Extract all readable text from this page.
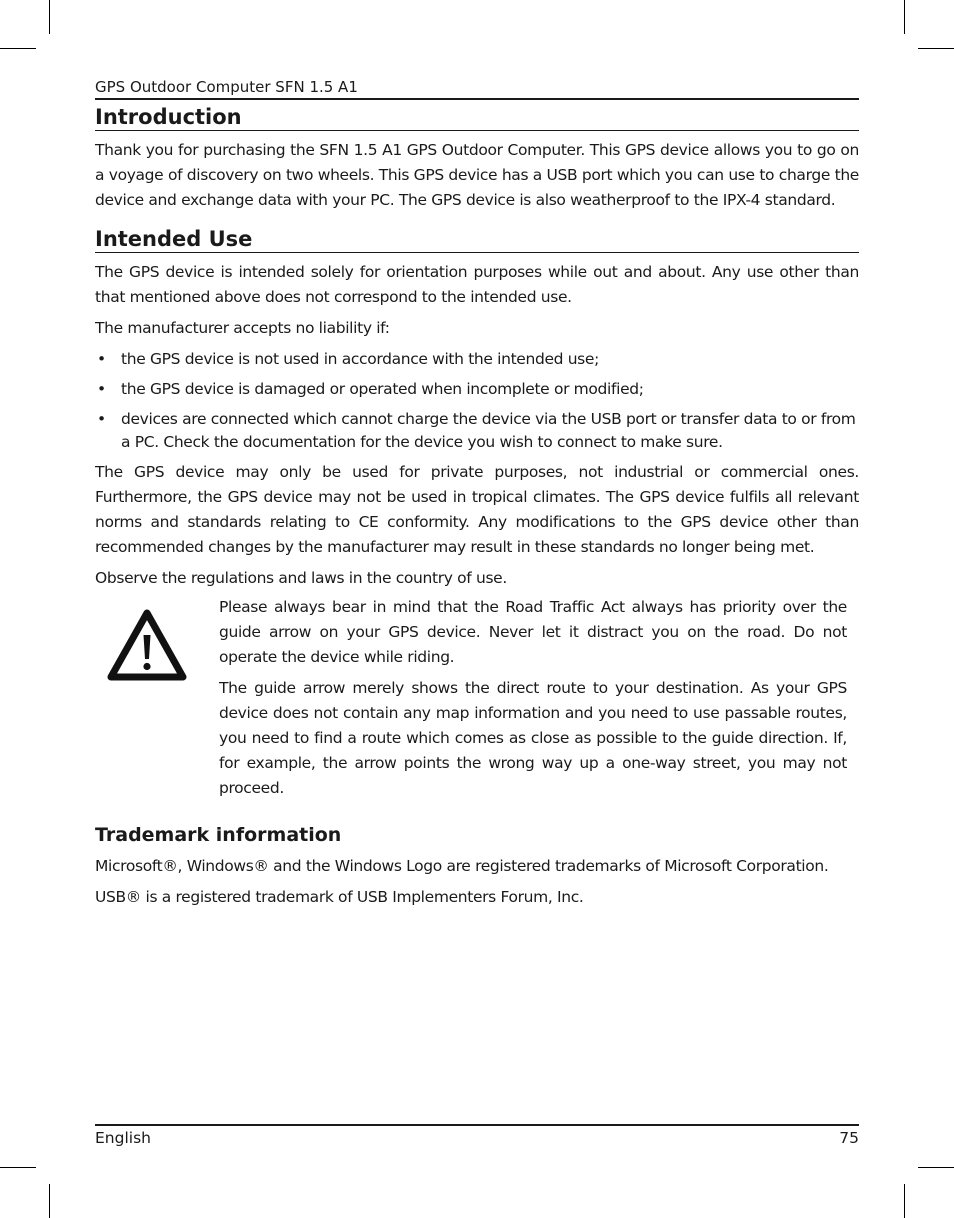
GPS Outdoor Computer SFN 1.5 A1
Introduction

Thank you for purchasing the SFN 1.5 A1 GPS Outdoor Computer. This GPS device allows you to go on a voyage of discovery on two wheels. This GPS device has a USB port which you can use to charge the device and exchange data with your PC. The GPS device is also weatherproof to the IPX-4 standard.

Intended Use

The GPS device is intended solely for orientation purposes while out and about. Any use other than that mentioned above does not correspond to the intended use.

The manufacturer accepts no liability if:

• the GPS device is not used in accordance with the intended use;
• the GPS device is damaged or operated when incomplete or modified;
• devices are connected which cannot charge the device via the USB port or transfer data to or from a PC. Check the documentation for the device you wish to connect to make sure.

The GPS device may only be used for private purposes, not industrial or commercial ones. Furthermore, the GPS device may not be used in tropical climates. The GPS device fulfils all relevant norms and standards relating to CE conformity. Any modifications to the GPS device other than recommended changes by the manufacturer may result in these standards no longer being met.

Observe the regulations and laws in the country of use.

Please always bear in mind that the Road Traffic Act always has priority over the guide arrow on your GPS device. Never let it distract you on the road. Do not operate the device while riding.

The guide arrow merely shows the direct route to your destination. As your GPS device does not contain any map information and you need to use passable routes, you need to find a route which comes as close as possible to the guide direction. If, for example, the arrow points the wrong way up a one-way street, you may not proceed.

Trademark information

Microsoft®, Windows® and the Windows Logo are registered trademarks of Microsoft Corporation.

USB® is a registered trademark of USB Implementers Forum, Inc.

English	75
